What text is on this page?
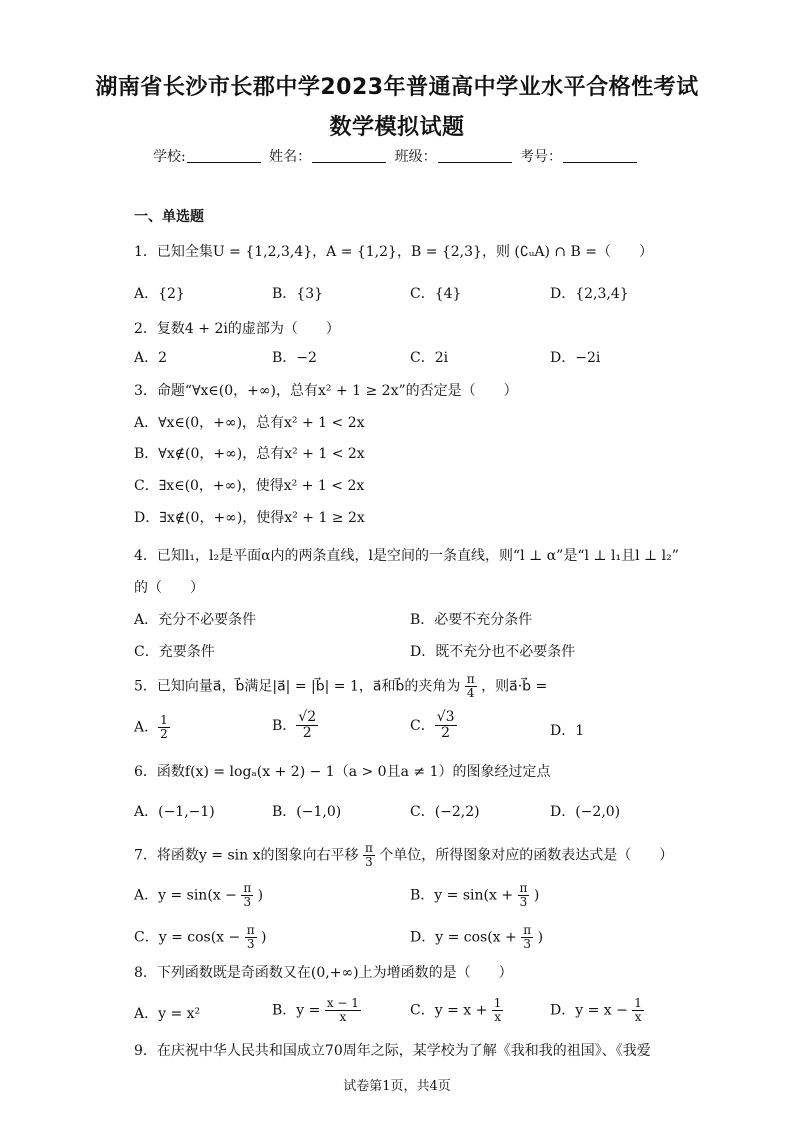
湖南省长沙市长郡中学2023年普通高中学业水平合格性考试
数学模拟试题
学校:	姓名：	班级：	考号：
一、单选题
1．已知全集U = {1,2,3,4}，A = {1,2}，B = {2,3}，则 (∁ᵤA) ∩ B =（　　）
A．{2}	B．{3}	C．{4}	D．{2,3,4}
2．复数4 + 2i的虚部为（　　）
A．2	B．−2	C．2i	D．−2i
3．命题“∀x∈(0，+∞)，总有x² + 1 ≥ 2x”的否定是（　　）
A．∀x∈(0，+∞)，总有x² + 1 < 2x
B．∀x∉(0，+∞)，总有x² + 1 < 2x
C．∃x∈(0，+∞)，使得x² + 1 < 2x
D．∃x∉(0，+∞)，使得x² + 1 ≥ 2x
4．已知l₁，l₂是平面α内的两条直线，l是空间的一条直线，则“l ⊥ α”是“l ⊥ l₁且l ⊥ l₂”
的（　　）
A．充分不必要条件	B．必要不充分条件
C．充要条件	D．既不充分也不必要条件
5．已知向量a⃗，b⃗满足|a⃗| = |b⃗| = 1，a⃗和b⃗的夹角为 $\frac{\pi}{4}$ ，则a⃗·b⃗ =
A． $\frac{1}{2}$	B． $\frac{√2}{2}$	C． $\frac{√3}{2}$	D．1
6．函数f(x) = logₐ(x + 2) − 1（a > 0且a ≠ 1）的图象经过定点
A．(−1,−1)	B．(−1,0)	C．(−2,2)	D．(−2,0)
7．将函数y = sin x的图象向右平移 $\frac{\pi}{3}$ 个单位，所得图象对应的函数表达式是（　　）
A．$y = \sin(x - \frac{\pi}{3}$ )	B．$y = \sin(x + \frac{\pi}{3}$ )
C．$y = \cos(x - \frac{\pi}{3}$ )	D．$y = \cos(x + \frac{\pi}{3}$ )
8．下列函数既是奇函数又在(0,+∞)上为增函数的是（　　）
A．y = x²	B．$y = \frac{x - 1}{x}$	C．$y = x + \frac{1}{x}$	D．$y = x - \frac{1}{x}$
9．在庆祝中华人民共和国成立70周年之际，某学校为了解《我和我的祖国》、《我爱
试卷第1页，共4页
